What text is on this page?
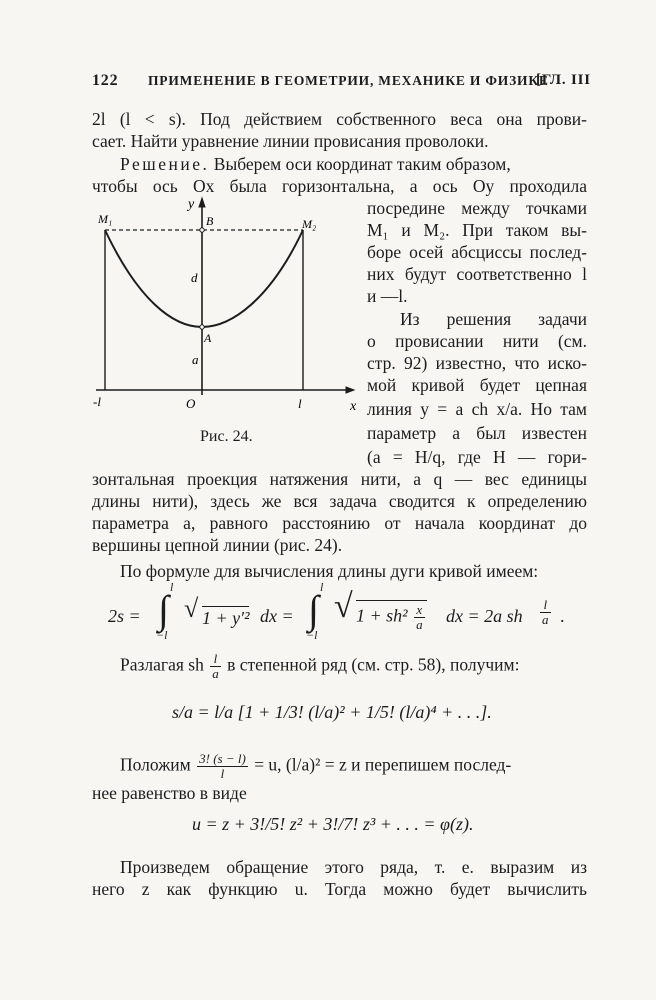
122 ПРИМЕНЕНИЕ В ГЕОМЕТРИИ, МЕХАНИКЕ И ФИЗИКЕ
[ГЛ. III
2l (l < s). Под действием собственного веса она прови-
сает. Найти уравнение линии провисания проволоки.
Решение. Выберем оси координат таким образом,
чтобы ось Ox была горизонтальна, а ось Oy проходила
посредине между точками
M₁ и M₂. При таком вы-
боре осей абсциссы послед-
них будут соответственно l
и —l.
Из решения задачи
о провисании нити (см.
стр. 92) известно, что иско-
мой кривой будет цепная
линия y = a ch x/a. Но там
параметр a был известен
(a = H/q, где H — гори-
y
x
M₁	M₂
B
d
A
a
O
-l	l
Рис. 24.
зонтальная проекция натяжения нити, а q — вес единицы
длины нити), здесь же вся задача сводится к определению
параметра a, равного расстоянию от начала координат до
вершины цепной линии (рис. 24).
По формуле для вычисления длины дуги кривой имеем:
2s = ∫ l
−l
√ 1 + y′² dx = ∫ l
−l
√ $1 + sh^2 \frac{x}{a}$ dx = 2a sh $\frac{l}{a}$ .
Разлагая sh $\frac{l}{a}$ в степенной ряд (см. стр. 58), получим:
s/a = l/a [1 + 1/3! (l/a)² + 1/5! (l/a)⁴ + . . .].
Положим $\frac{3! (s - l)}{l} = u$, (l/a)² = z и перепишем послед-
нее равенство в виде
u = z + 3!/5! z² + 3!/7! z³ + . . . = φ(z).
Произведем обращение этого ряда, т. е. выразим из
него z как функцию u. Тогда можно будет вычислить
